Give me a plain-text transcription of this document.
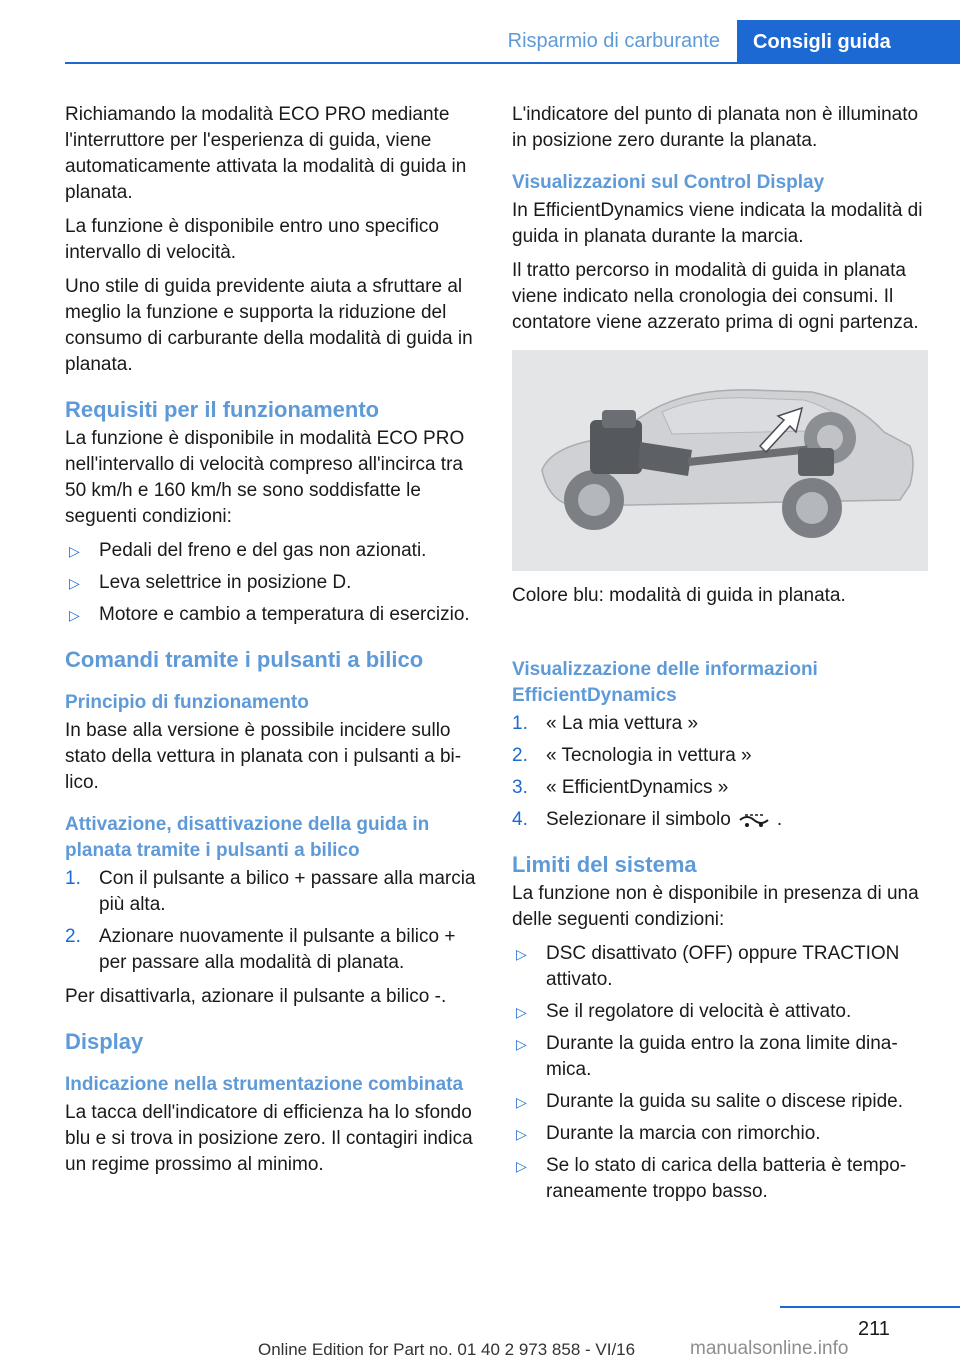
Risparmio di carburante	Consigli guida

Richiamando la modalità ECO PRO mediante l'interruttore per l'esperienza di guida, viene automaticamente attivata la modalità di guida in planata.

La funzione è disponibile entro uno specifico intervallo di velocità.

Uno stile di guida previdente aiuta a sfruttare al meglio la funzione e supporta la riduzione del consumo di carburante della modalità di guida in planata.

Requisiti per il funzionamento

La funzione è disponibile in modalità ECO PRO nell'intervallo di velocità compreso all'incirca tra 50 km/h e 160 km/h se sono soddisfatte le seguenti condizioni:

▷ Pedali del freno e del gas non azionati.
▷ Leva selettrice in posizione D.
▷ Motore e cambio a temperatura di esercizio.
Comandi tramite i pulsanti a bilico
Principio di funzionamento

In base alla versione è possibile incidere sullo stato della vettura in planata con i pulsanti a bilico.

Attivazione, disattivazione della guida in planata tramite i pulsanti a bilico
1. Con il pulsante a bilico + passare alla marcia più alta.
2. Azionare nuovamente il pulsante a bilico + per passare alla modalità di planata.

Per disattivarla, azionare il pulsante a bilico -.

Display
Indicazione nella strumentazione combinata

La tacca dell'indicatore di efficienza ha lo sfondo blu e si trova in posizione zero. Il contagiri indica un regime prossimo al minimo.

L'indicatore del punto di planata non è illuminato in posizione zero durante la planata.

Visualizzazioni sul Control Display

In EfficientDynamics viene indicata la modalità di guida in planata durante la marcia.

Il tratto percorso in modalità di guida in planata viene indicato nella cronologia dei consumi. Il contatore viene azzerato prima di ogni partenza.

Colore blu: modalità di guida in planata.

Visualizzazione delle informazioni EfficientDynamics
1. « La mia vettura »
2. « Tecnologia in vettura »
3. « EfficientDynamics »
4. Selezionare il simbolo .
Limiti del sistema

La funzione non è disponibile in presenza di una delle seguenti condizioni:

▷ DSC disattivato (OFF) oppure TRACTION attivato.
▷ Se il regolatore di velocità è attivato.
▷ Durante la guida entro la zona limite dinamica.
▷ Durante la guida su salite o discese ripide.
▷ Durante la marcia con rimorchio.
▷ Se lo stato di carica della batteria è temporaneamente troppo basso.
211
Online Edition for Part no. 01 40 2 973 858 - VI/16	manualsonline.info
